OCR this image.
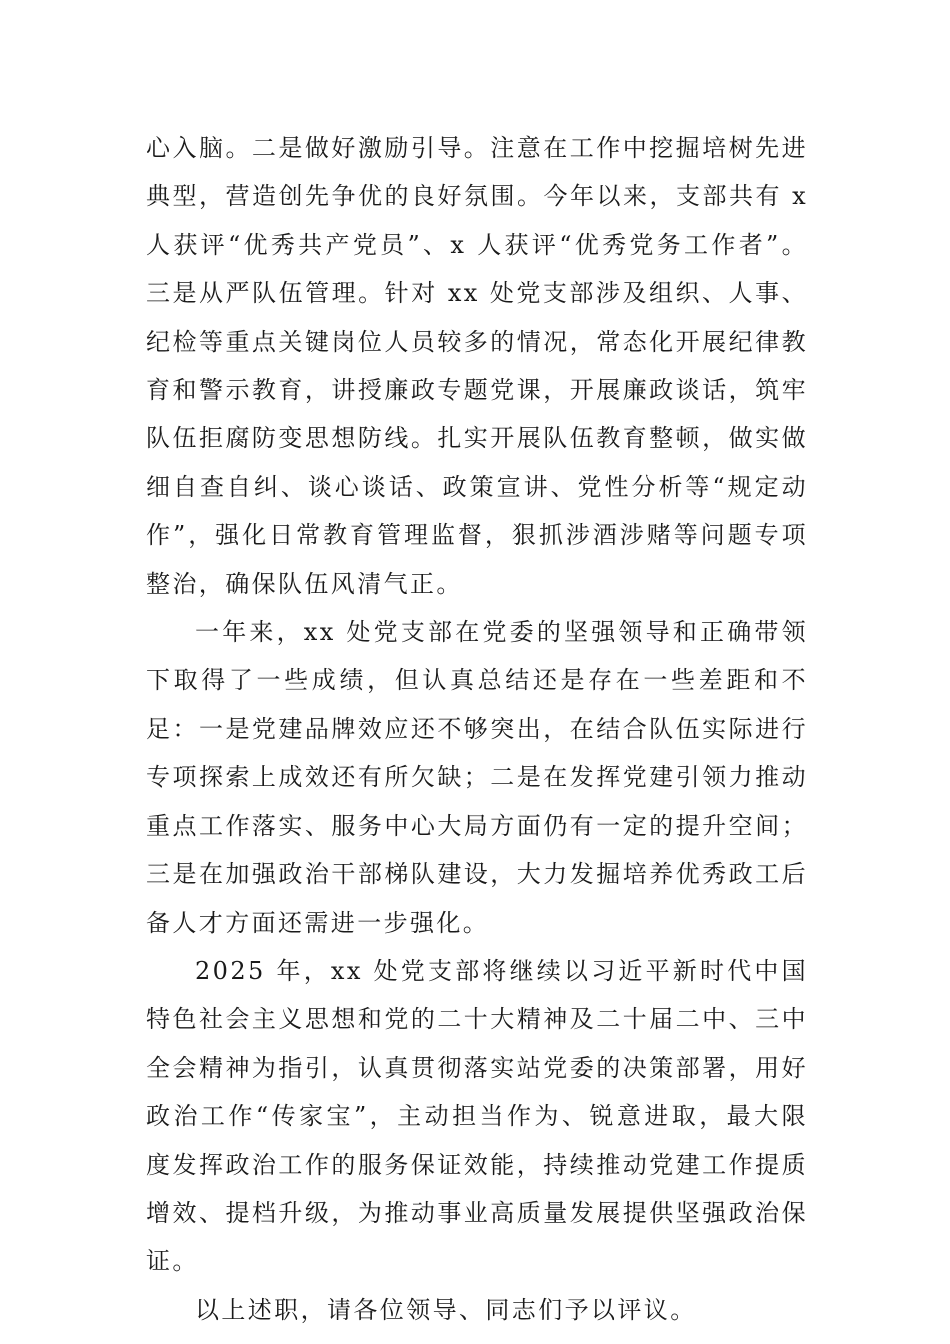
心入脑。二是做好激励引导。注意在工作中挖掘培树先进典型，营造创先争优的良好氛围。今年以来，支部共有 x 人获评“优秀共产党员”、x 人获评“优秀党务工作者”。三是从严队伍管理。针对 xx 处党支部涉及组织、人事、纪检等重点关键岗位人员较多的情况，常态化开展纪律教育和警示教育，讲授廉政专题党课，开展廉政谈话，筑牢队伍拒腐防变思想防线。扎实开展队伍教育整顿，做实做细自查自纠、谈心谈话、政策宣讲、党性分析等“规定动作”，强化日常教育管理监督，狠抓涉酒涉赌等问题专项整治，确保队伍风清气正。

一年来，xx 处党支部在党委的坚强领导和正确带领下取得了一些成绩，但认真总结还是存在一些差距和不足：一是党建品牌效应还不够突出，在结合队伍实际进行专项探索上成效还有所欠缺；二是在发挥党建引领力推动重点工作落实、服务中心大局方面仍有一定的提升空间；三是在加强政治干部梯队建设，大力发掘培养优秀政工后备人才方面还需进一步强化。

2025 年，xx 处党支部将继续以习近平新时代中国特色社会主义思想和党的二十大精神及二十届二中、三中全会精神为指引，认真贯彻落实站党委的决策部署，用好政治工作“传家宝”，主动担当作为、锐意进取，最大限度发挥政治工作的服务保证效能，持续推动党建工作提质增效、提档升级，为推动事业高质量发展提供坚强政治保证。

以上述职，请各位领导、同志们予以评议。
